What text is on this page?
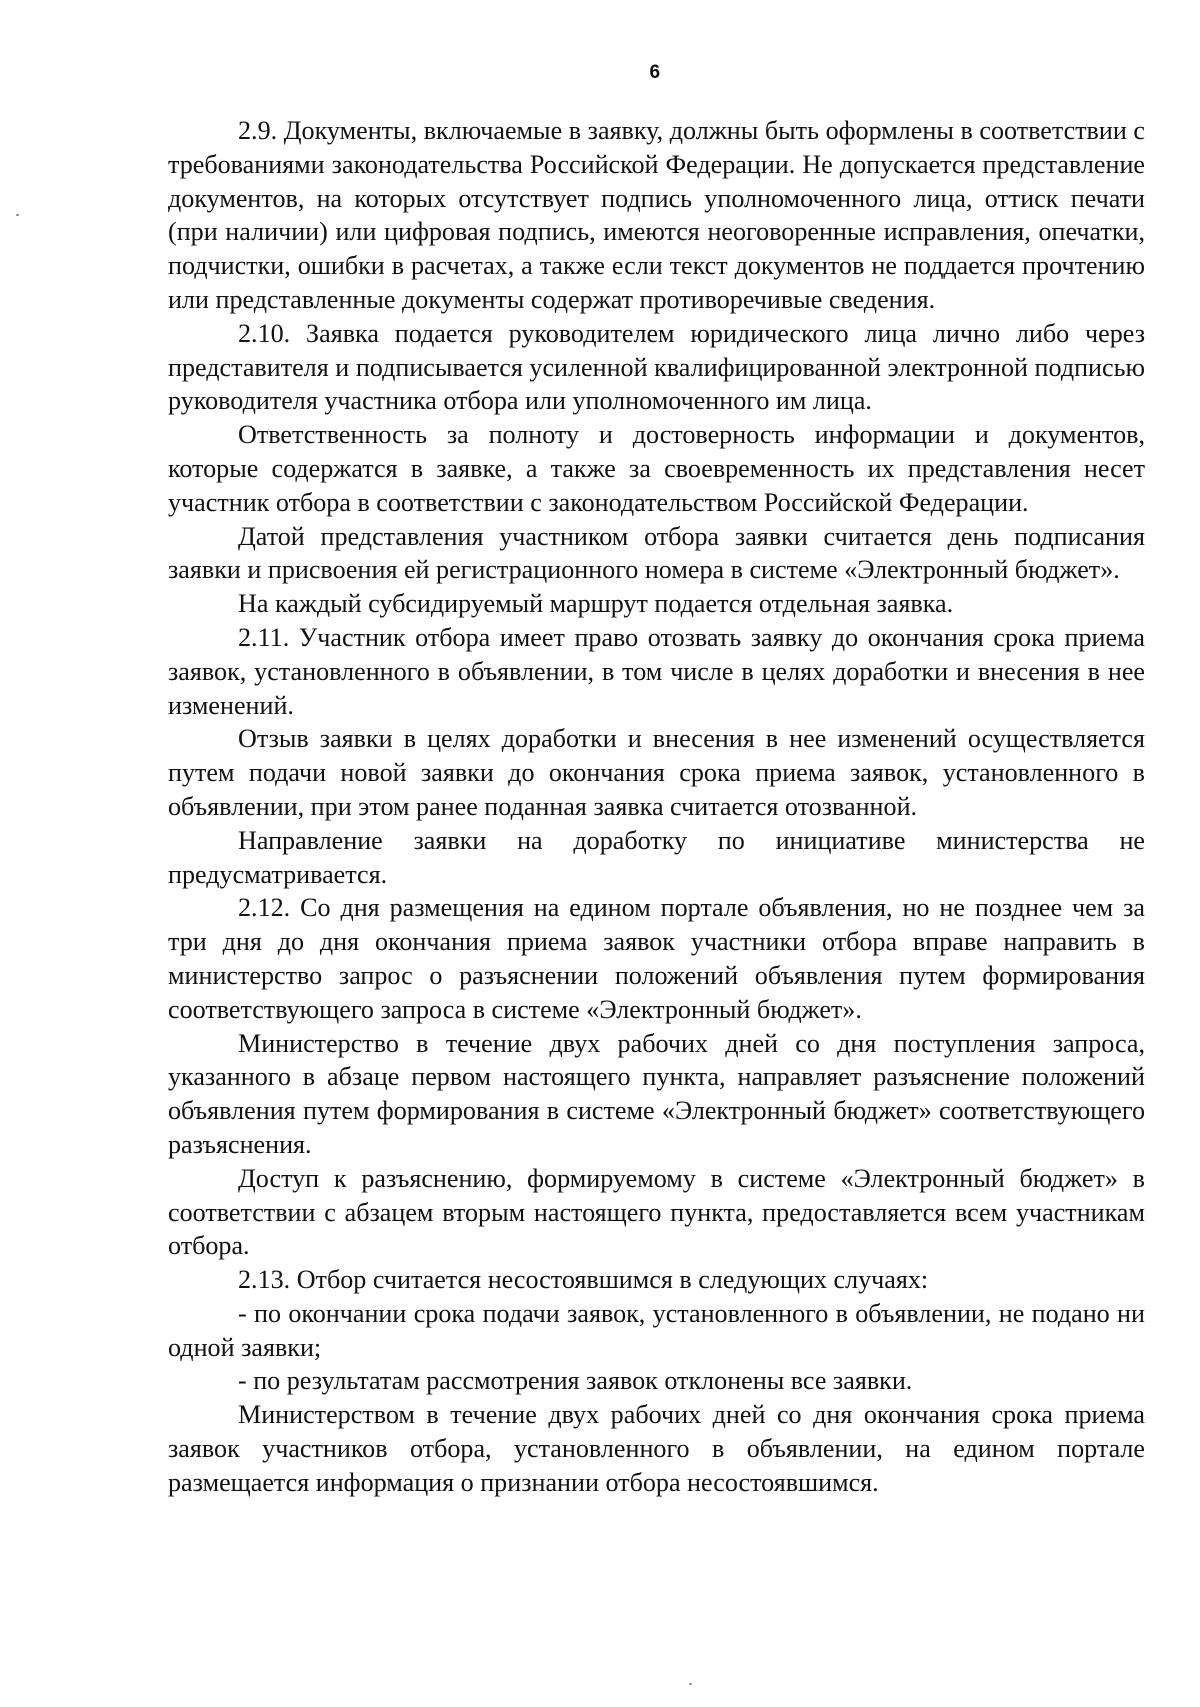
6

2.9. Документы, включаемые в заявку, должны быть оформлены в соответствии с требованиями законодательства Российской Федерации. Не допускается представление документов, на которых отсутствует подпись уполномоченного лица, оттиск печати (при наличии) или цифровая подпись, имеются неоговоренные исправления, опечатки, подчистки, ошибки в расчетах, а также если текст документов не поддается прочтению или представленные документы содержат противоречивые сведения.

2.10. Заявка подается руководителем юридического лица лично либо через представителя и подписывается усиленной квалифицированной электронной подписью руководителя участника отбора или уполномоченного им лица.

Ответственность за полноту и достоверность информации и документов, которые содержатся в заявке, а также за своевременность их представления несет участник отбора в соответствии с законодательством Российской Федерации.

Датой представления участником отбора заявки считается день подписания заявки и присвоения ей регистрационного номера в системе «Электронный бюджет».

На каждый субсидируемый маршрут подается отдельная заявка.

2.11. Участник отбора имеет право отозвать заявку до окончания срока приема заявок, установленного в объявлении, в том числе в целях доработки и внесения в нее изменений.

Отзыв заявки в целях доработки и внесения в нее изменений осуществляется путем подачи новой заявки до окончания срока приема заявок, установленного в объявлении, при этом ранее поданная заявка считается отозванной.

Направление заявки на доработку по инициативе министерства не предусматривается.

2.12. Со дня размещения на едином портале объявления, но не позднее чем за три дня до дня окончания приема заявок участники отбора вправе направить в министерство запрос о разъяснении положений объявления путем формирования соответствующего запроса в системе «Электронный бюджет».

Министерство в течение двух рабочих дней со дня поступления запроса, указанного в абзаце первом настоящего пункта, направляет разъяснение положений объявления путем формирования в системе «Электронный бюджет» соответствующего разъяснения.

Доступ к разъяснению, формируемому в системе «Электронный бюджет» в соответствии с абзацем вторым настоящего пункта, предоставляется всем участникам отбора.

2.13. Отбор считается несостоявшимся в следующих случаях:

- по окончании срока подачи заявок, установленного в объявлении, не подано ни одной заявки;

- по результатам рассмотрения заявок отклонены все заявки.

Министерством в течение двух рабочих дней со дня окончания срока приема заявок участников отбора, установленного в объявлении, на едином портале размещается информация о признании отбора несостоявшимся.
